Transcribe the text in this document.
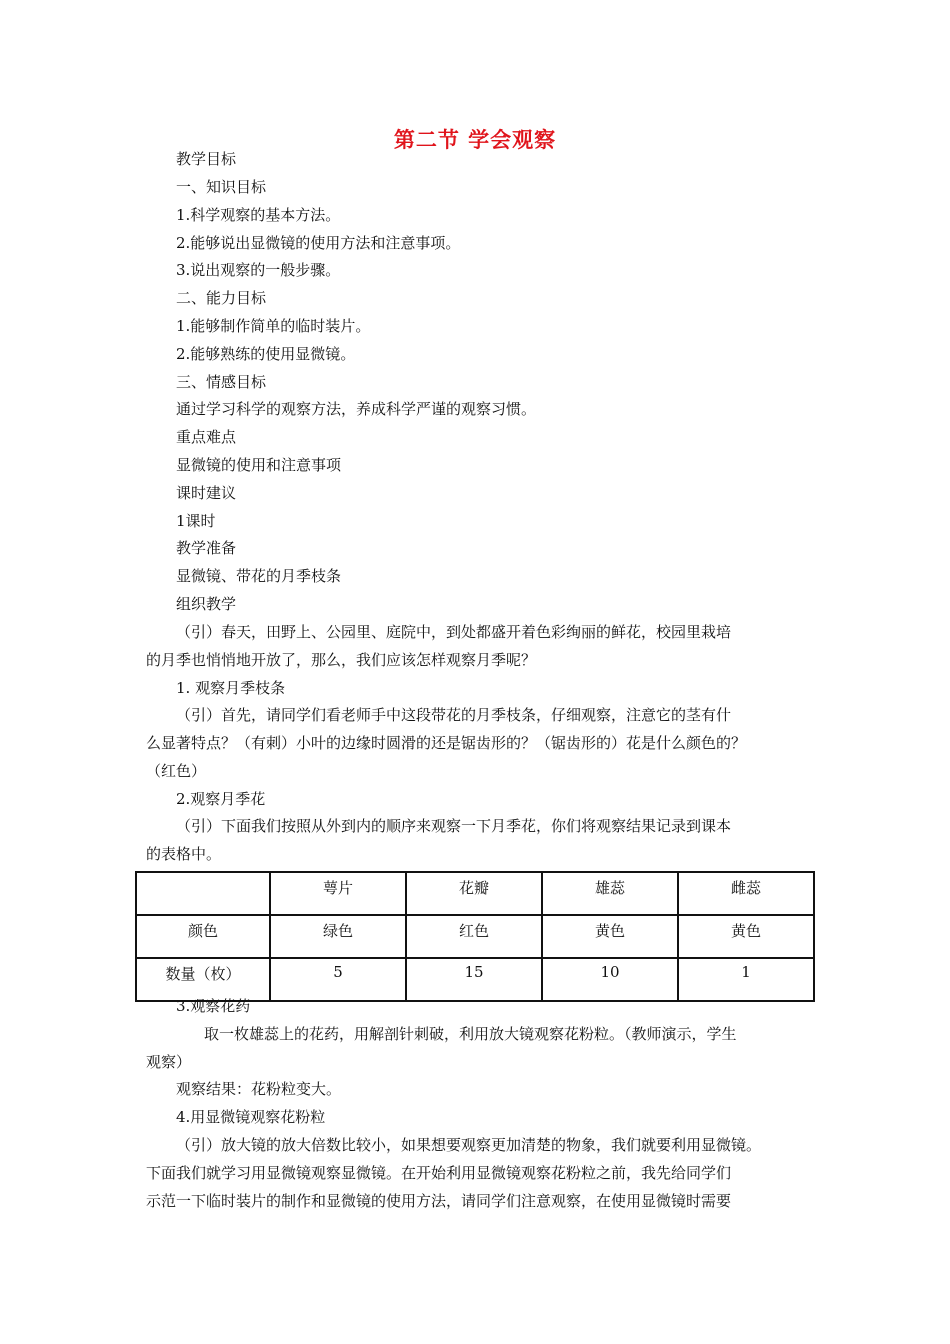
第二节 学会观察
教学目标
一、知识目标
1.科学观察的基本方法。
2.能够说出显微镜的使用方法和注意事项。
3.说出观察的一般步骤。
二、能力目标
1.能够制作简单的临时装片。
2.能够熟练的使用显微镜。
三、情感目标
通过学习科学的观察方法，养成科学严谨的观察习惯。
重点难点
显微镜的使用和注意事项
课时建议
1课时
教学准备
显微镜、带花的月季枝条
组织教学
（引）春天，田野上、公园里、庭院中，到处都盛开着色彩绚丽的鲜花，校园里栽培
的月季也悄悄地开放了，那么，我们应该怎样观察月季呢？
1. 观察月季枝条
（引）首先，请同学们看老师手中这段带花的月季枝条，仔细观察，注意它的茎有什
么显著特点？（有刺）小叶的边缘时圆滑的还是锯齿形的？（锯齿形的）花是什么颜色的？
（红色）
2.观察月季花
（引）下面我们按照从外到内的顺序来观察一下月季花，你们将观察结果记录到课本
的表格中。
	萼片	花瓣	雄蕊	雌蕊
颜色	绿色	红色	黄色	黄色
数量（枚）	5	15	10	1
3.观察花药
取一枚雄蕊上的花药，用解剖针刺破，利用放大镜观察花粉粒。（教师演示，学生
观察）
观察结果：花粉粒变大。
4.用显微镜观察花粉粒
（引）放大镜的放大倍数比较小，如果想要观察更加清楚的物象，我们就要利用显微镜。
下面我们就学习用显微镜观察显微镜。在开始利用显微镜观察花粉粒之前，我先给同学们
示范一下临时装片的制作和显微镜的使用方法，请同学们注意观察，在使用显微镜时需要
